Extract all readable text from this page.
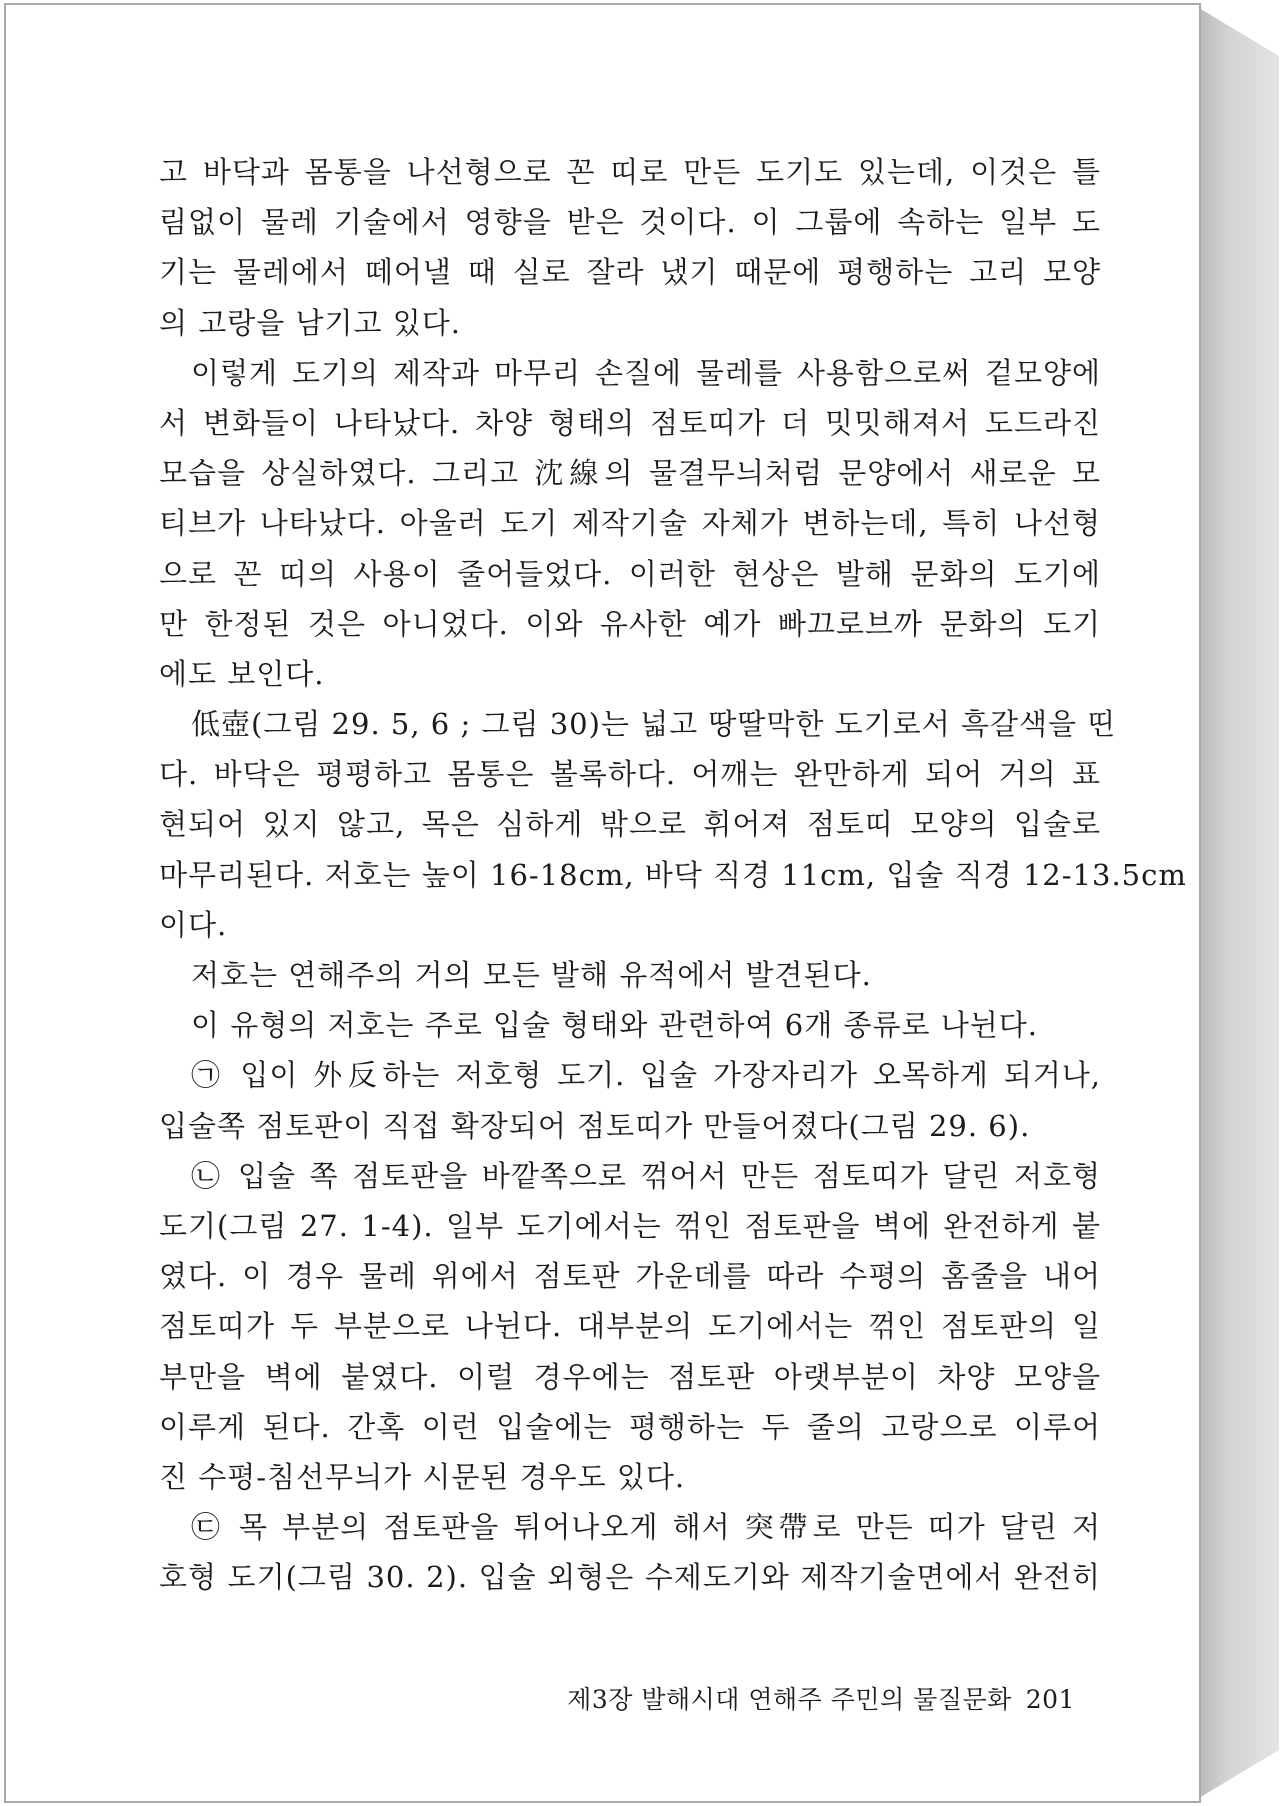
고 바닥과 몸통을 나선형으로 꼰 띠로 만든 도기도 있는데, 이것은 틀
림없이 물레 기술에서 영향을 받은 것이다. 이 그룹에 속하는 일부 도
기는 물레에서 떼어낼 때 실로 잘라 냈기 때문에 평행하는 고리 모양
의 고랑을 남기고 있다.
이렇게 도기의 제작과 마무리 손질에 물레를 사용함으로써 겉모양에
서 변화들이 나타났다. 차양 형태의 점토띠가 더 밋밋해져서 도드라진
모습을 상실하였다. 그리고 沈線의 물결무늬처럼 문양에서 새로운 모
티브가 나타났다. 아울러 도기 제작기술 자체가 변하는데, 특히 나선형
으로 꼰 띠의 사용이 줄어들었다. 이러한 현상은 발해 문화의 도기에
만 한정된 것은 아니었다. 이와 유사한 예가 빠끄로브까 문화의 도기
에도 보인다.
低壺(그림 29. 5, 6 ; 그림 30)는 넓고 땅딸막한 도기로서 흑갈색을 띤
다. 바닥은 평평하고 몸통은 볼록하다. 어깨는 완만하게 되어 거의 표
현되어 있지 않고, 목은 심하게 밖으로 휘어져 점토띠 모양의 입술로
마무리된다. 저호는 높이 16-18cm, 바닥 직경 11cm, 입술 직경 12-13.5cm
이다.
저호는 연해주의 거의 모든 발해 유적에서 발견된다.
이 유형의 저호는 주로 입술 형태와 관련하여 6개 종류로 나뉜다.
㉠ 입이 外反하는 저호형 도기. 입술 가장자리가 오목하게 되거나,
입술쪽 점토판이 직접 확장되어 점토띠가 만들어졌다(그림 29. 6).
㉡ 입술 쪽 점토판을 바깥쪽으로 꺾어서 만든 점토띠가 달린 저호형
도기(그림 27. 1-4). 일부 도기에서는 꺾인 점토판을 벽에 완전하게 붙
였다. 이 경우 물레 위에서 점토판 가운데를 따라 수평의 홈줄을 내어
점토띠가 두 부분으로 나뉜다. 대부분의 도기에서는 꺾인 점토판의 일
부만을 벽에 붙였다. 이럴 경우에는 점토판 아랫부분이 차양 모양을
이루게 된다. 간혹 이런 입술에는 평행하는 두 줄의 고랑으로 이루어
진 수평-침선무늬가 시문된 경우도 있다.
㉢ 목 부분의 점토판을 튀어나오게 해서 突帶로 만든 띠가 달린 저
호형 도기(그림 30. 2). 입술 외형은 수제도기와 제작기술면에서 완전히
제3장 발해시대 연해주 주민의 물질문화 201
